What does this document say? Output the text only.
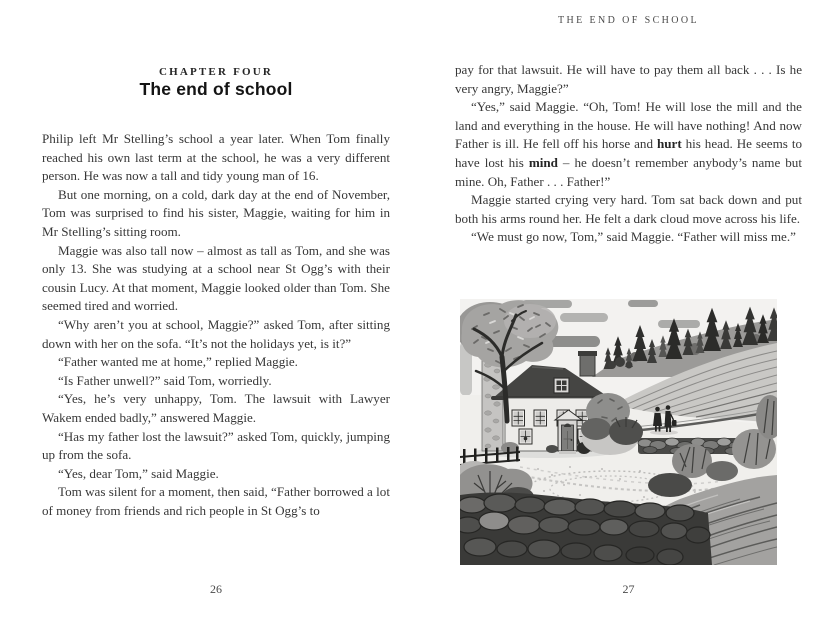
CHAPTER FOUR
The end of school

Philip left Mr Stelling’s school a year later. When Tom finally reached his own last term at the school, he was a very different person. He was now a tall and tidy young man of 16.

But one morning, on a cold, dark day at the end of November, Tom was surprised to find his sister, Maggie, waiting for him in Mr Stelling’s sitting room.

Maggie was also tall now – almost as tall as Tom, and she was only 13. She was studying at a school near St Ogg’s with their cousin Lucy. At that moment, Maggie looked older than Tom. She seemed tired and worried.

“Why aren’t you at school, Maggie?” asked Tom, after sitting down with her on the sofa. “It’s not the holidays yet, is it?”

“Father wanted me at home,” replied Maggie.

“Is Father unwell?” said Tom, worriedly.

“Yes, he’s very unhappy, Tom. The lawsuit with Lawyer Wakem ended badly,” answered Maggie.

“Has my father lost the lawsuit?” asked Tom, quickly, jumping up from the sofa.

“Yes, dear Tom,” said Maggie.

Tom was silent for a moment, then said, “Father borrowed a lot of money from friends and rich people in St Ogg’s to

26
THE END OF SCHOOL

pay for that lawsuit. He will have to pay them all back . . . Is he very angry, Maggie?”

“Yes,” said Maggie. “Oh, Tom! He will lose the mill and the land and everything in the house. He will have nothing! And now Father is ill. He fell off his horse and hurt his head. He seems to have lost his mind – he doesn’t remember anybody’s name but mine. Oh, Father . . . Father!”

Maggie started crying very hard. Tom sat back down and put both his arms round her. He felt a dark cloud move across his life.

“We must go now, Tom,” said Maggie. “Father will miss me.”

27
